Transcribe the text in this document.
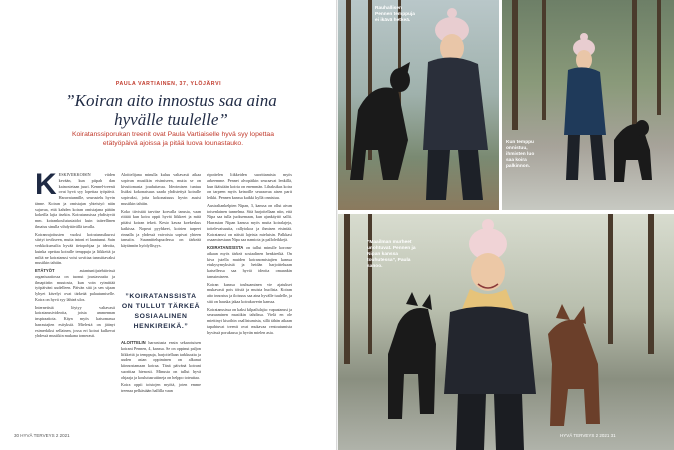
PAULA VARTIAINEN, 37, YLÖJÄRVI
”Koiran aito innostus saa aina hyvälle tuulelle”
Koiratanssiporukan treenit ovat Paula Vartiaiselle hyvä syy lopettaa etätyöpäivä ajoissa ja pitää luova lounastauko.

KESKIVIIKKOISIN viiden kevään, kun piipah dan kainostetaan juuri. Kennel-treenit ovat hyvä syy lopettaa työpäivä. Haravatunnille, seurustelu hyvin tänne. Koiran ja omistajan yhteistyö näin sujuvaa, että kahden koiran omistajana päätin kokeilla lajia itsekin. Koiratanssissa yhdistyvät mm. koirankoulutustaidot kuin taiteellinen ilmaisu sinulla vihdyttävällä tavalla.

Koiranrajoitusten vuoksi koiratanssikurssi siirtyi tovikseen, mutta intoni ei laantunut. Sain verkkokurssilta hyvää tietopohjaa ja ideoita, kuinka opettaa koiralle temppuja ja liikkeitä ja miltä ne koiratanssi voisi sovittaa tanssittavaksi musiikin tahtiin.

ETÄTYÖT	asiantuntijatehtävissä organisaatiossa on tuonut joustavuutta ja ilmapiiriin muutosta, kun voin rytmittää työpäiväni uudelleen. Päivän sitä ja sen sijaan lyhyet kävelyt ovat tärkeää palautumiselle. Koira on hyvä syy lähteä ulos.

Internetistä löytyy valtavasti koiratanssivideoita, joista ammennan inspiraatiota. Käyn myös katsomassa harrastajien esityksiä. Mielestä on jäänyt esimerkiksi sellainen, jossa eri koirat kulkevat yhdessä musiikin mukana tomerasti.

Aloittelijana minulla kuluu valtavasti aikaa sopivan musiikin etsimiseen, mutta se on kivuttomasta jouduttavaa. Ideoimisen tuntuu lisäksi kokonaisuus saada yhdistettyä koiralle sopivaksi, jotta kokonaisuus hyvin asuisi musiikin tahtiin.

Koko tiivistää tarvitse korvalla tanssia, vaan riittää kun koira oppii hyvät liikkeet ja mitä pitäisi koiran tekeä. Kesto kavaa koekeskus kaikissa. Nopeat pyyhkeet, koirien tarpeet rinnalla ja yhdessä vaivoista sopivat yhteen tanssiin. Suunnittelupuolessa on tärkeää käytännön hyödyllisyys.

”KOIRATANSSISTA ON TULLUT TÄRKEÄ SOSIAALINEN HENKIREIKÄ.”

ALOITTELIN harrastusta ensin sekarotuisen koirani Pennen, 4, kanssa. Se on oppinut paljon liikkeitä ja temppuja, harjoitellaan tarkkuutta ja uuden asian oppiminen on alkanut kiinnostamaan koiraa. Tänä päivänä koirani suorittaa hienosti. Minusta on tullut hyvä ohjaaja ja koulutusrutiineja on helppo toteuttaa.

Koira oppii toistojen myötä, joten emme treenaa pelkästään hallilla vaan

ripottelen liikkeiden suorittamista myös arkeemme. Pennet alvopäikin seuraavat lenkillä, kun ikäisiään koiria on enemmän. Lihaksikas koira on tarpeen myös keinoille seuraavaa aisen parit leikki. Pennen kanssa kaikki kyllä onnistuu.

Australiankelpien Nipan, 3, kanssa on ollut aivan toisenlainen tunnelma. Sitä harjoitellaan niin, että Nipa saa tulla juoksemaan, kun ajankäyttö sallii. Harrastan Nipan kanssa myös mutta koiralajeja, tottelevaisuutta, rallytokoa ja ihmisen etsintää. Koiratanssi on näistä lajeista mieluisin. Palkkasi osaamisestaan Nipa saa namiota ja palloleikkejä.

KOIRATANSSISTA on tullut minulle korona-aikaan myös tärkeä sosiaalinen henkireikä. On kiva jutella muiden koiranomistajien kanssa etukysymyksistä ja heidän harjoitteluaan katsellessa saa hyviä ideoita omaankin tanssimiseen.

Koiran kanssa touhuaminen vie ajatukset mukavasti pois töistä ja muista huolista. Koiran aito innostus ja iloisuus saa aina hyvälle tuulelle, ja sitä on hauska jakaa koirakaverin kanssa.

Koiratanssissa on kaksi kilpailulajia: vapaatanssi ja seuraaminen musiikin tahdissa. Vielä en ole miettinyt kisoihin osallistumista, sillä tähän aikaan tapahtuvat treenit ovat mukavaa rentoutumista hyvässä porukassa ja hyvän mielen asia.

30 HYVÄ TERVEYS 2 2021
Rauhallisen Pennen temppuja ei ikävä hetkeä.
Kun temppu onnistuu, ihmisten luo saa koira palkinnon.
”Maailman murheet unohtuvat. Pennen ja Nipan kanssa touhutessa”, Paula sanoo.
HYVÄ TERVEYS 2 2021 31
